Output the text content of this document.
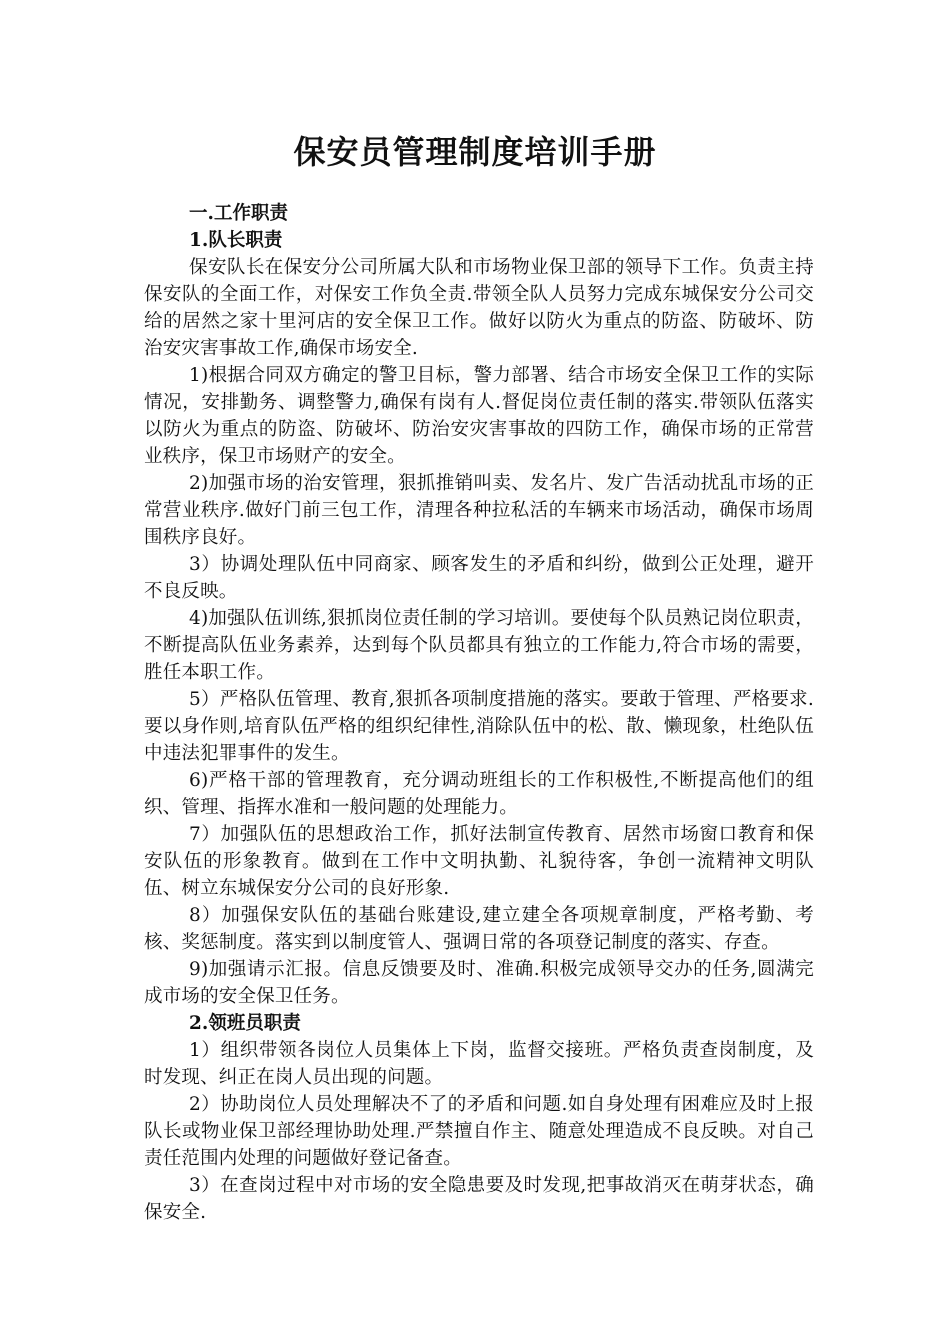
保安员管理制度培训手册
一.工作职责
1.队长职责

保安队长在保安分公司所属大队和市场物业保卫部的领导下工作。负责主持保安队的全面工作，对保安工作负全责.带领全队人员努力完成东城保安分公司交给的居然之家十里河店的安全保卫工作。做好以防火为重点的防盗、防破坏、防治安灾害事故工作,确保市场安全.

1)根据合同双方确定的警卫目标，警力部署、结合市场安全保卫工作的实际情况，安排勤务、调整警力,确保有岗有人.督促岗位责任制的落实.带领队伍落实以防火为重点的防盗、防破坏、防治安灾害事故的四防工作，确保市场的正常营业秩序，保卫市场财产的安全。

2)加强市场的治安管理，狠抓推销叫卖、发名片、发广告活动扰乱市场的正常营业秩序.做好门前三包工作，清理各种拉私活的车辆来市场活动，确保市场周围秩序良好。

3）协调处理队伍中同商家、顾客发生的矛盾和纠纷，做到公正处理，避开不良反映。

4)加强队伍训练,狠抓岗位责任制的学习培训。要使每个队员熟记岗位职责，不断提高队伍业务素养，达到每个队员都具有独立的工作能力,符合市场的需要，胜任本职工作。

5）严格队伍管理、教育,狠抓各项制度措施的落实。要敢于管理、严格要求.要以身作则,培育队伍严格的组织纪律性,消除队伍中的松、散、懒现象，杜绝队伍中违法犯罪事件的发生。

6)严格干部的管理教育，充分调动班组长的工作积极性,不断提高他们的组织、管理、指挥水准和一般问题的处理能力。

7）加强队伍的思想政治工作，抓好法制宣传教育、居然市场窗口教育和保安队伍的形象教育。做到在工作中文明执勤、礼貌待客，争创一流精神文明队伍、树立东城保安分公司的良好形象.

8）加强保安队伍的基础台账建设,建立建全各项规章制度，严格考勤、考核、奖惩制度。落实到以制度管人、强调日常的各项登记制度的落实、存查。

9)加强请示汇报。信息反馈要及时、准确.积极完成领导交办的任务,圆满完成市场的安全保卫任务。

2.领班员职责

1）组织带领各岗位人员集体上下岗，监督交接班。严格负责查岗制度，及时发现、纠正在岗人员出现的问题。

2）协助岗位人员处理解决不了的矛盾和问题.如自身处理有困难应及时上报队长或物业保卫部经理协助处理.严禁擅自作主、随意处理造成不良反映。对自己责任范围内处理的问题做好登记备查。

3）在查岗过程中对市场的安全隐患要及时发现,把事故消灭在萌芽状态，确保安全.
